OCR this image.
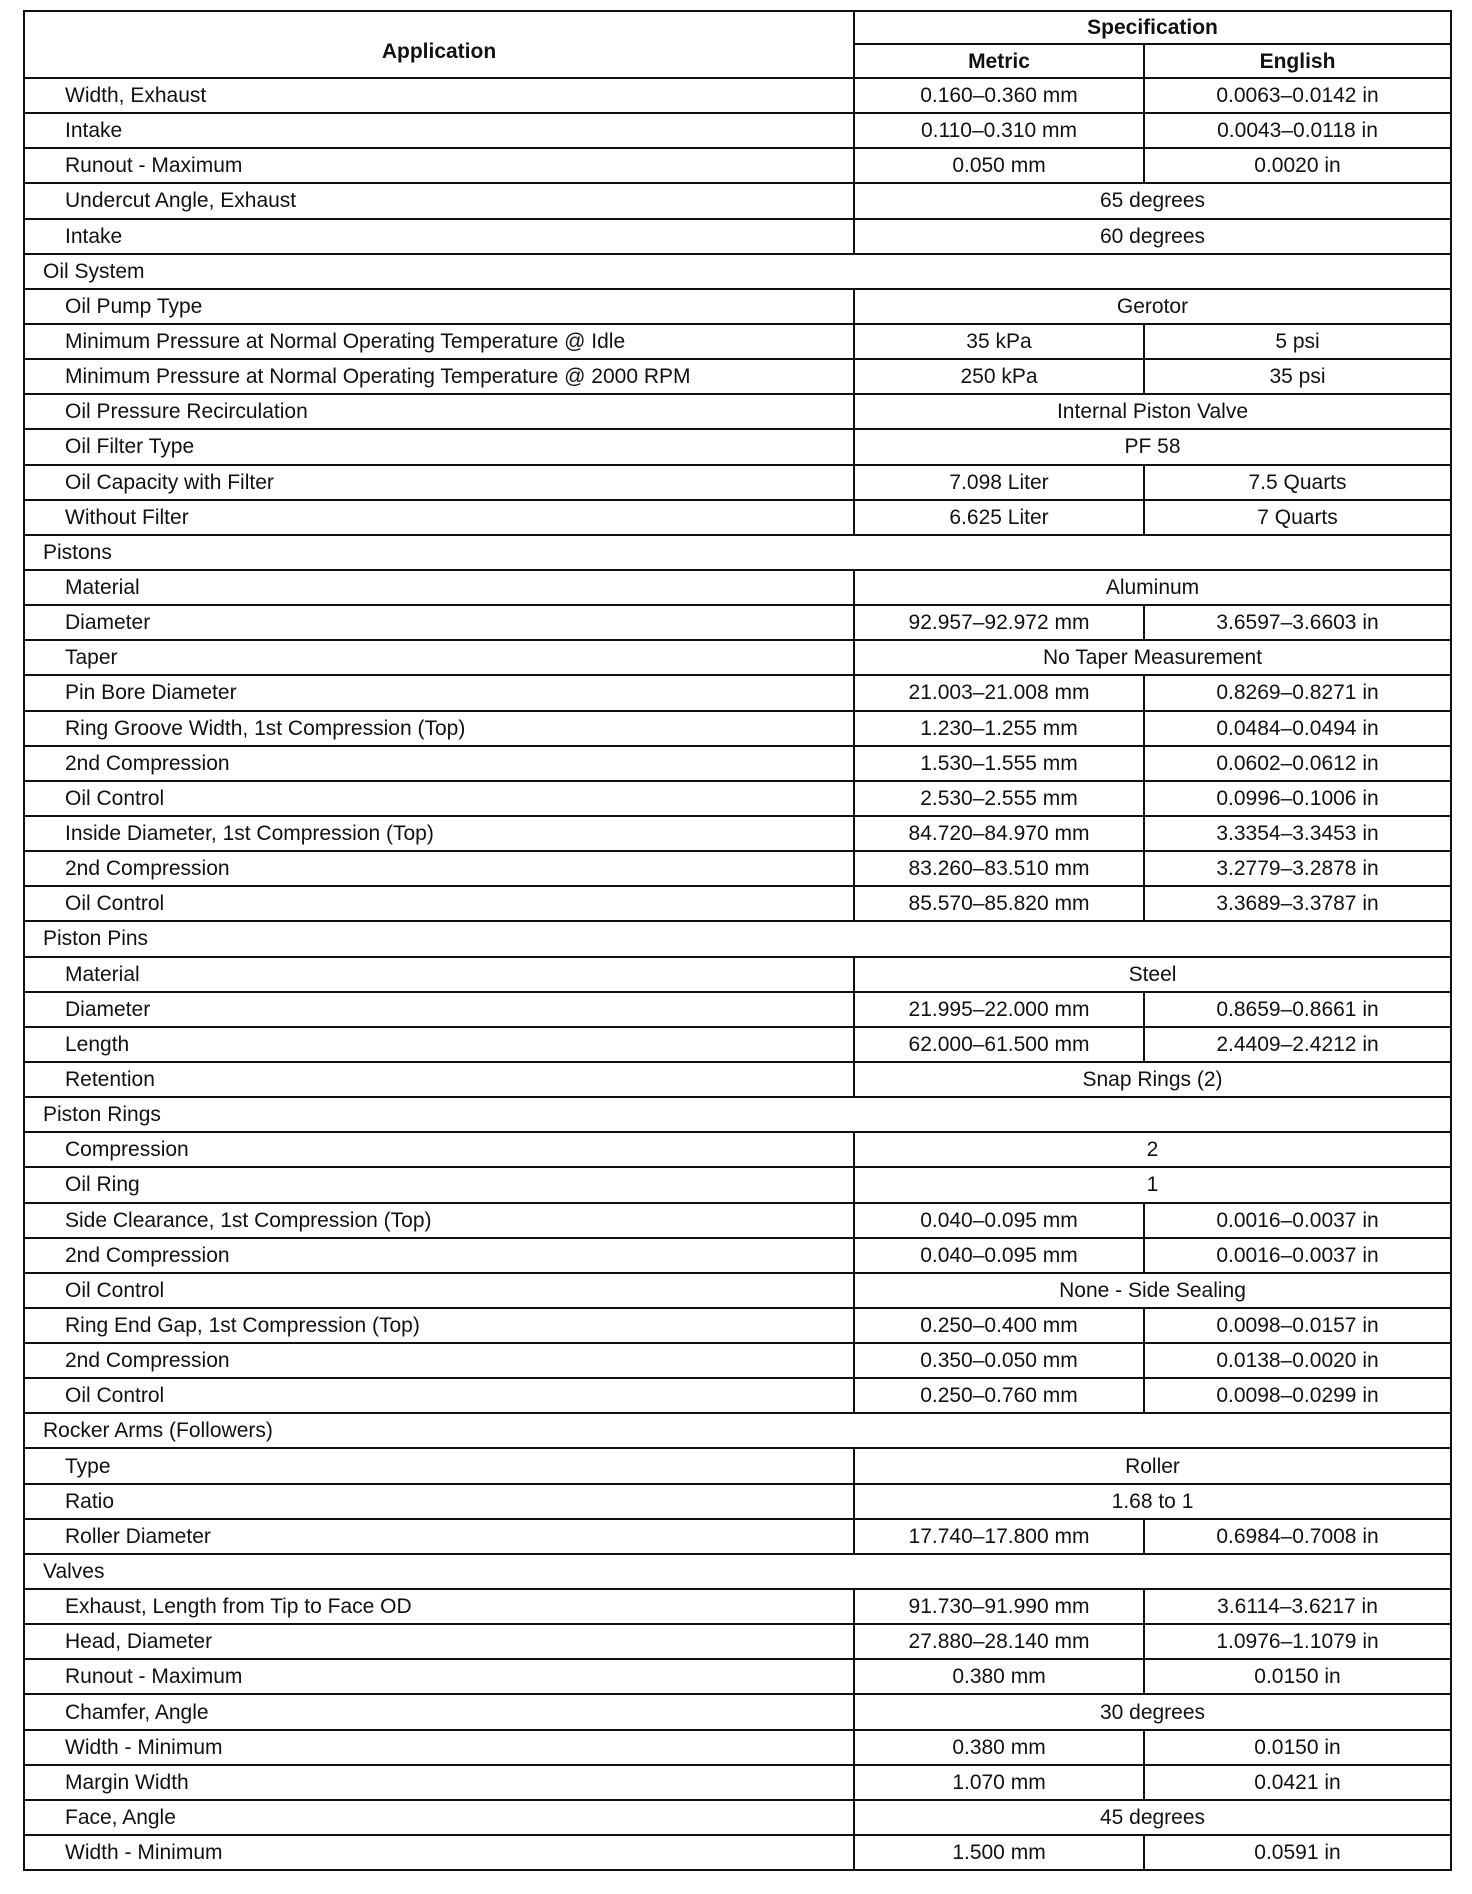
Application	Specification	
	Metric	English
Width, Exhaust	0.160–0.360 mm	0.0063–0.0142 in
Intake	0.110–0.310 mm	0.0043–0.0118 in
Runout - Maximum	0.050 mm	0.0020 in
Undercut Angle, Exhaust	65 degrees	
Intake	60 degrees	
Oil System		
Oil Pump Type	Gerotor	
Minimum Pressure at Normal Operating Temperature @ Idle	35 kPa	5 psi
Minimum Pressure at Normal Operating Temperature @ 2000 RPM	250 kPa	35 psi
Oil Pressure Recirculation	Internal Piston Valve	
Oil Filter Type	PF 58	
Oil Capacity with Filter	7.098 Liter	7.5 Quarts
Without Filter	6.625 Liter	7 Quarts
Pistons		
Material	Aluminum	
Diameter	92.957–92.972 mm	3.6597–3.6603 in
Taper	No Taper Measurement	
Pin Bore Diameter	21.003–21.008 mm	0.8269–0.8271 in
Ring Groove Width, 1st Compression (Top)	1.230–1.255 mm	0.0484–0.0494 in
2nd Compression	1.530–1.555 mm	0.0602–0.0612 in
Oil Control	2.530–2.555 mm	0.0996–0.1006 in
Inside Diameter, 1st Compression (Top)	84.720–84.970 mm	3.3354–3.3453 in
2nd Compression	83.260–83.510 mm	3.2779–3.2878 in
Oil Control	85.570–85.820 mm	3.3689–3.3787 in
Piston Pins		
Material	Steel	
Diameter	21.995–22.000 mm	0.8659–0.8661 in
Length	62.000–61.500 mm	2.4409–2.4212 in
Retention	Snap Rings (2)	
Piston Rings		
Compression	2	
Oil Ring	1	
Side Clearance, 1st Compression (Top)	0.040–0.095 mm	0.0016–0.0037 in
2nd Compression	0.040–0.095 mm	0.0016–0.0037 in
Oil Control	None - Side Sealing	
Ring End Gap, 1st Compression (Top)	0.250–0.400 mm	0.0098–0.0157 in
2nd Compression	0.350–0.050 mm	0.0138–0.0020 in
Oil Control	0.250–0.760 mm	0.0098–0.0299 in
Rocker Arms (Followers)		
Type	Roller	
Ratio	1.68 to 1	
Roller Diameter	17.740–17.800 mm	0.6984–0.7008 in
Valves		
Exhaust, Length from Tip to Face OD	91.730–91.990 mm	3.6114–3.6217 in
Head, Diameter	27.880–28.140 mm	1.0976–1.1079 in
Runout - Maximum	0.380 mm	0.0150 in
Chamfer, Angle	30 degrees	
Width - Minimum	0.380 mm	0.0150 in
Margin Width	1.070 mm	0.0421 in
Face, Angle	45 degrees	
Width - Minimum	1.500 mm	0.0591 in
